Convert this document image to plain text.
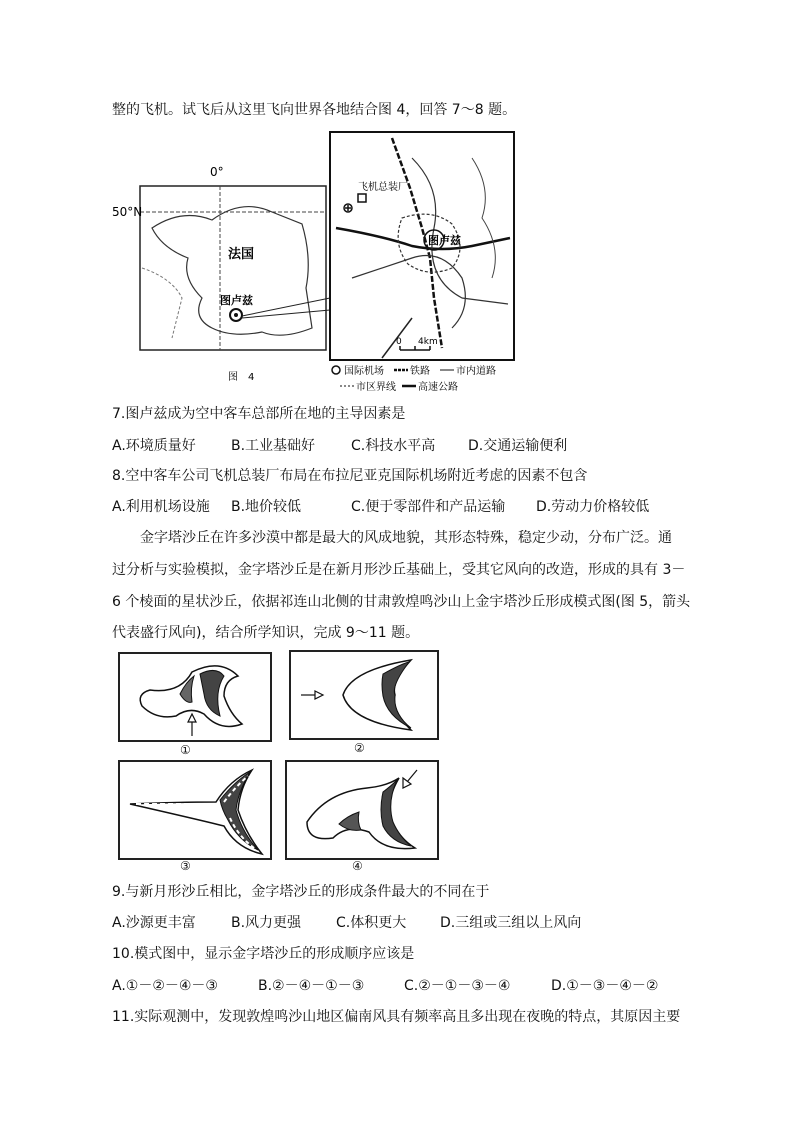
整的飞机。试飞后从这里飞向世界各地结合图 4，回答 7～8 题。
0°
50°N
法国
图卢兹
图　4
飞机总装厂
图卢兹
0 4km
国际机场	铁路	市内道路
市区界线 高速公路
7.图卢兹成为空中客车总部所在地的主导因素是
A.环境质量好	B.工业基础好	C.科技水平高 D.交通运输便利
8.空中客车公司飞机总装厂布局在布拉尼亚克国际机场附近考虑的因素不包含
A.利用机场设施 B.地价较低	C.便于零部件和产品运输 D.劳动力价格较低
金字塔沙丘在许多沙漠中都是最大的风成地貌，其形态特殊，稳定少动，分布广泛。通
过分析与实验模拟，金字塔沙丘是在新月形沙丘基础上，受其它风向的改造，形成的具有 3－
6 个棱面的星状沙丘，依据祁连山北侧的甘肃敦煌鸣沙山上金宇塔沙丘形成模式图(图 5，箭头
代表盛行风向)，结合所学知识，完成 9～11 题。
①	②
③	④
9.与新月形沙丘相比，金字塔沙丘的形成条件最大的不同在于
A.沙源更丰富	B.风力更强 C.体积更大 D.三组或三组以上风向
10.模式图中，显示金字塔沙丘的形成顺序应该是
A.①－②－④－③	B.②－④－①－③	C.②－①－③－④	D.①－③－④－②
11.实际观测中，发现敦煌鸣沙山地区偏南风具有频率高且多出现在夜晚的特点，其原因主要
